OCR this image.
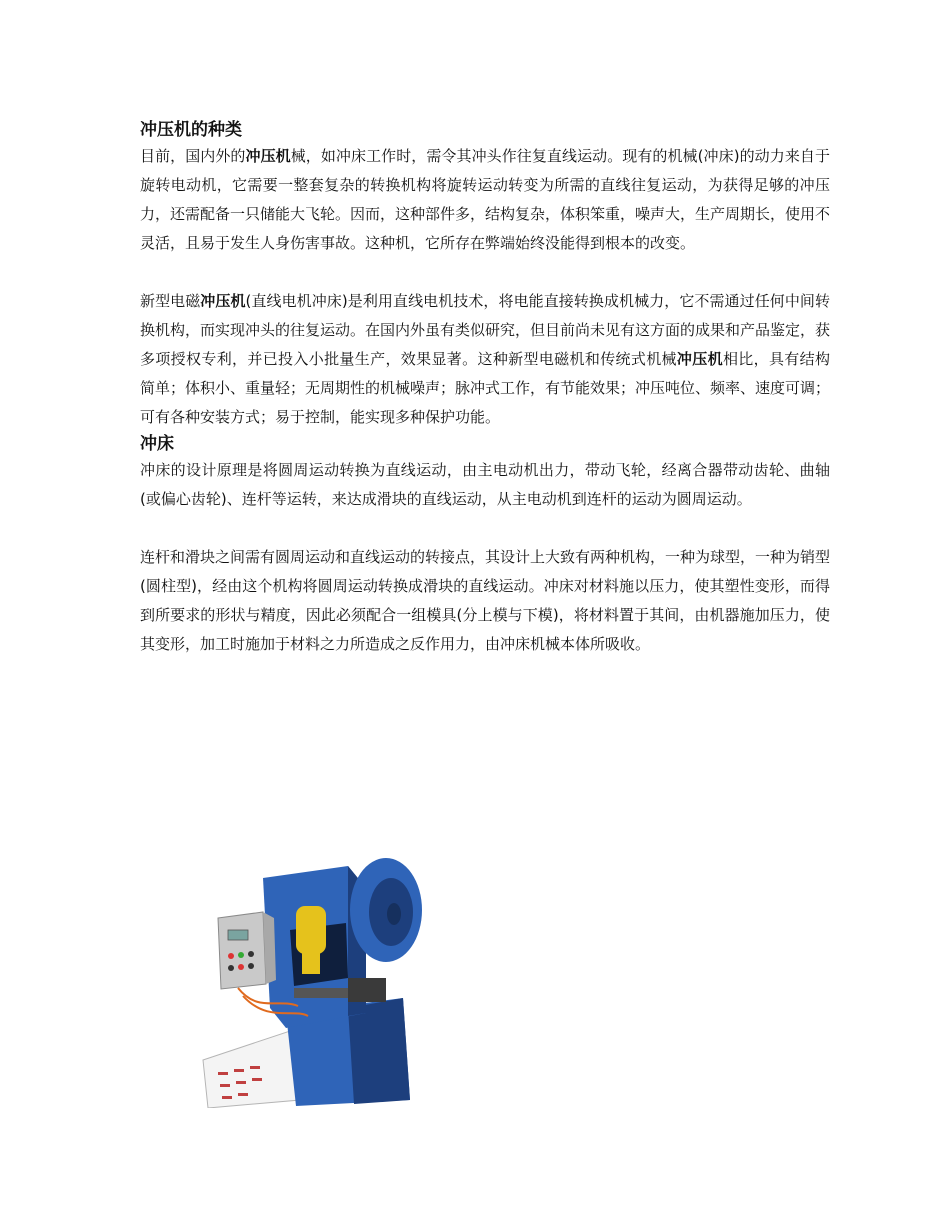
冲压机的种类

目前，国内外的冲压机械，如冲床工作时，需令其冲头作往复直线运动。现有的机械(冲床)的动力来自于旋转电动机，它需要一整套复杂的转换机构将旋转运动转变为所需的直线往复运动，为获得足够的冲压力，还需配备一只储能大飞轮。因而，这种部件多，结构复杂，体积笨重，噪声大，生产周期长，使用不灵活，且易于发生人身伤害事故。这种机，它所存在弊端始终没能得到根本的改变。

新型电磁冲压机(直线电机冲床)是利用直线电机技术，将电能直接转换成机械力，它不需通过任何中间转换机构，而实现冲头的往复运动。在国内外虽有类似研究，但目前尚未见有这方面的成果和产品鉴定，获多项授权专利，并已投入小批量生产，效果显著。这种新型电磁机和传统式机械冲压机相比，具有结构简单；体积小、重量轻；无周期性的机械噪声；脉冲式工作，有节能效果；冲压吨位、频率、速度可调；可有各种安装方式；易于控制，能实现多种保护功能。

冲床

冲床的设计原理是将圆周运动转换为直线运动，由主电动机出力，带动飞轮，经离合器带动齿轮、曲轴(或偏心齿轮)、连杆等运转，来达成滑块的直线运动，从主电动机到连杆的运动为圆周运动。

连杆和滑块之间需有圆周运动和直线运动的转接点，其设计上大致有两种机构，一种为球型，一种为销型(圆柱型)，经由这个机构将圆周运动转换成滑块的直线运动。冲床对材料施以压力，使其塑性变形，而得到所要求的形状与精度，因此必须配合一组模具(分上模与下模)，将材料置于其间，由机器施加压力，使其变形，加工时施加于材料之力所造成之反作用力，由冲床机械本体所吸收。
